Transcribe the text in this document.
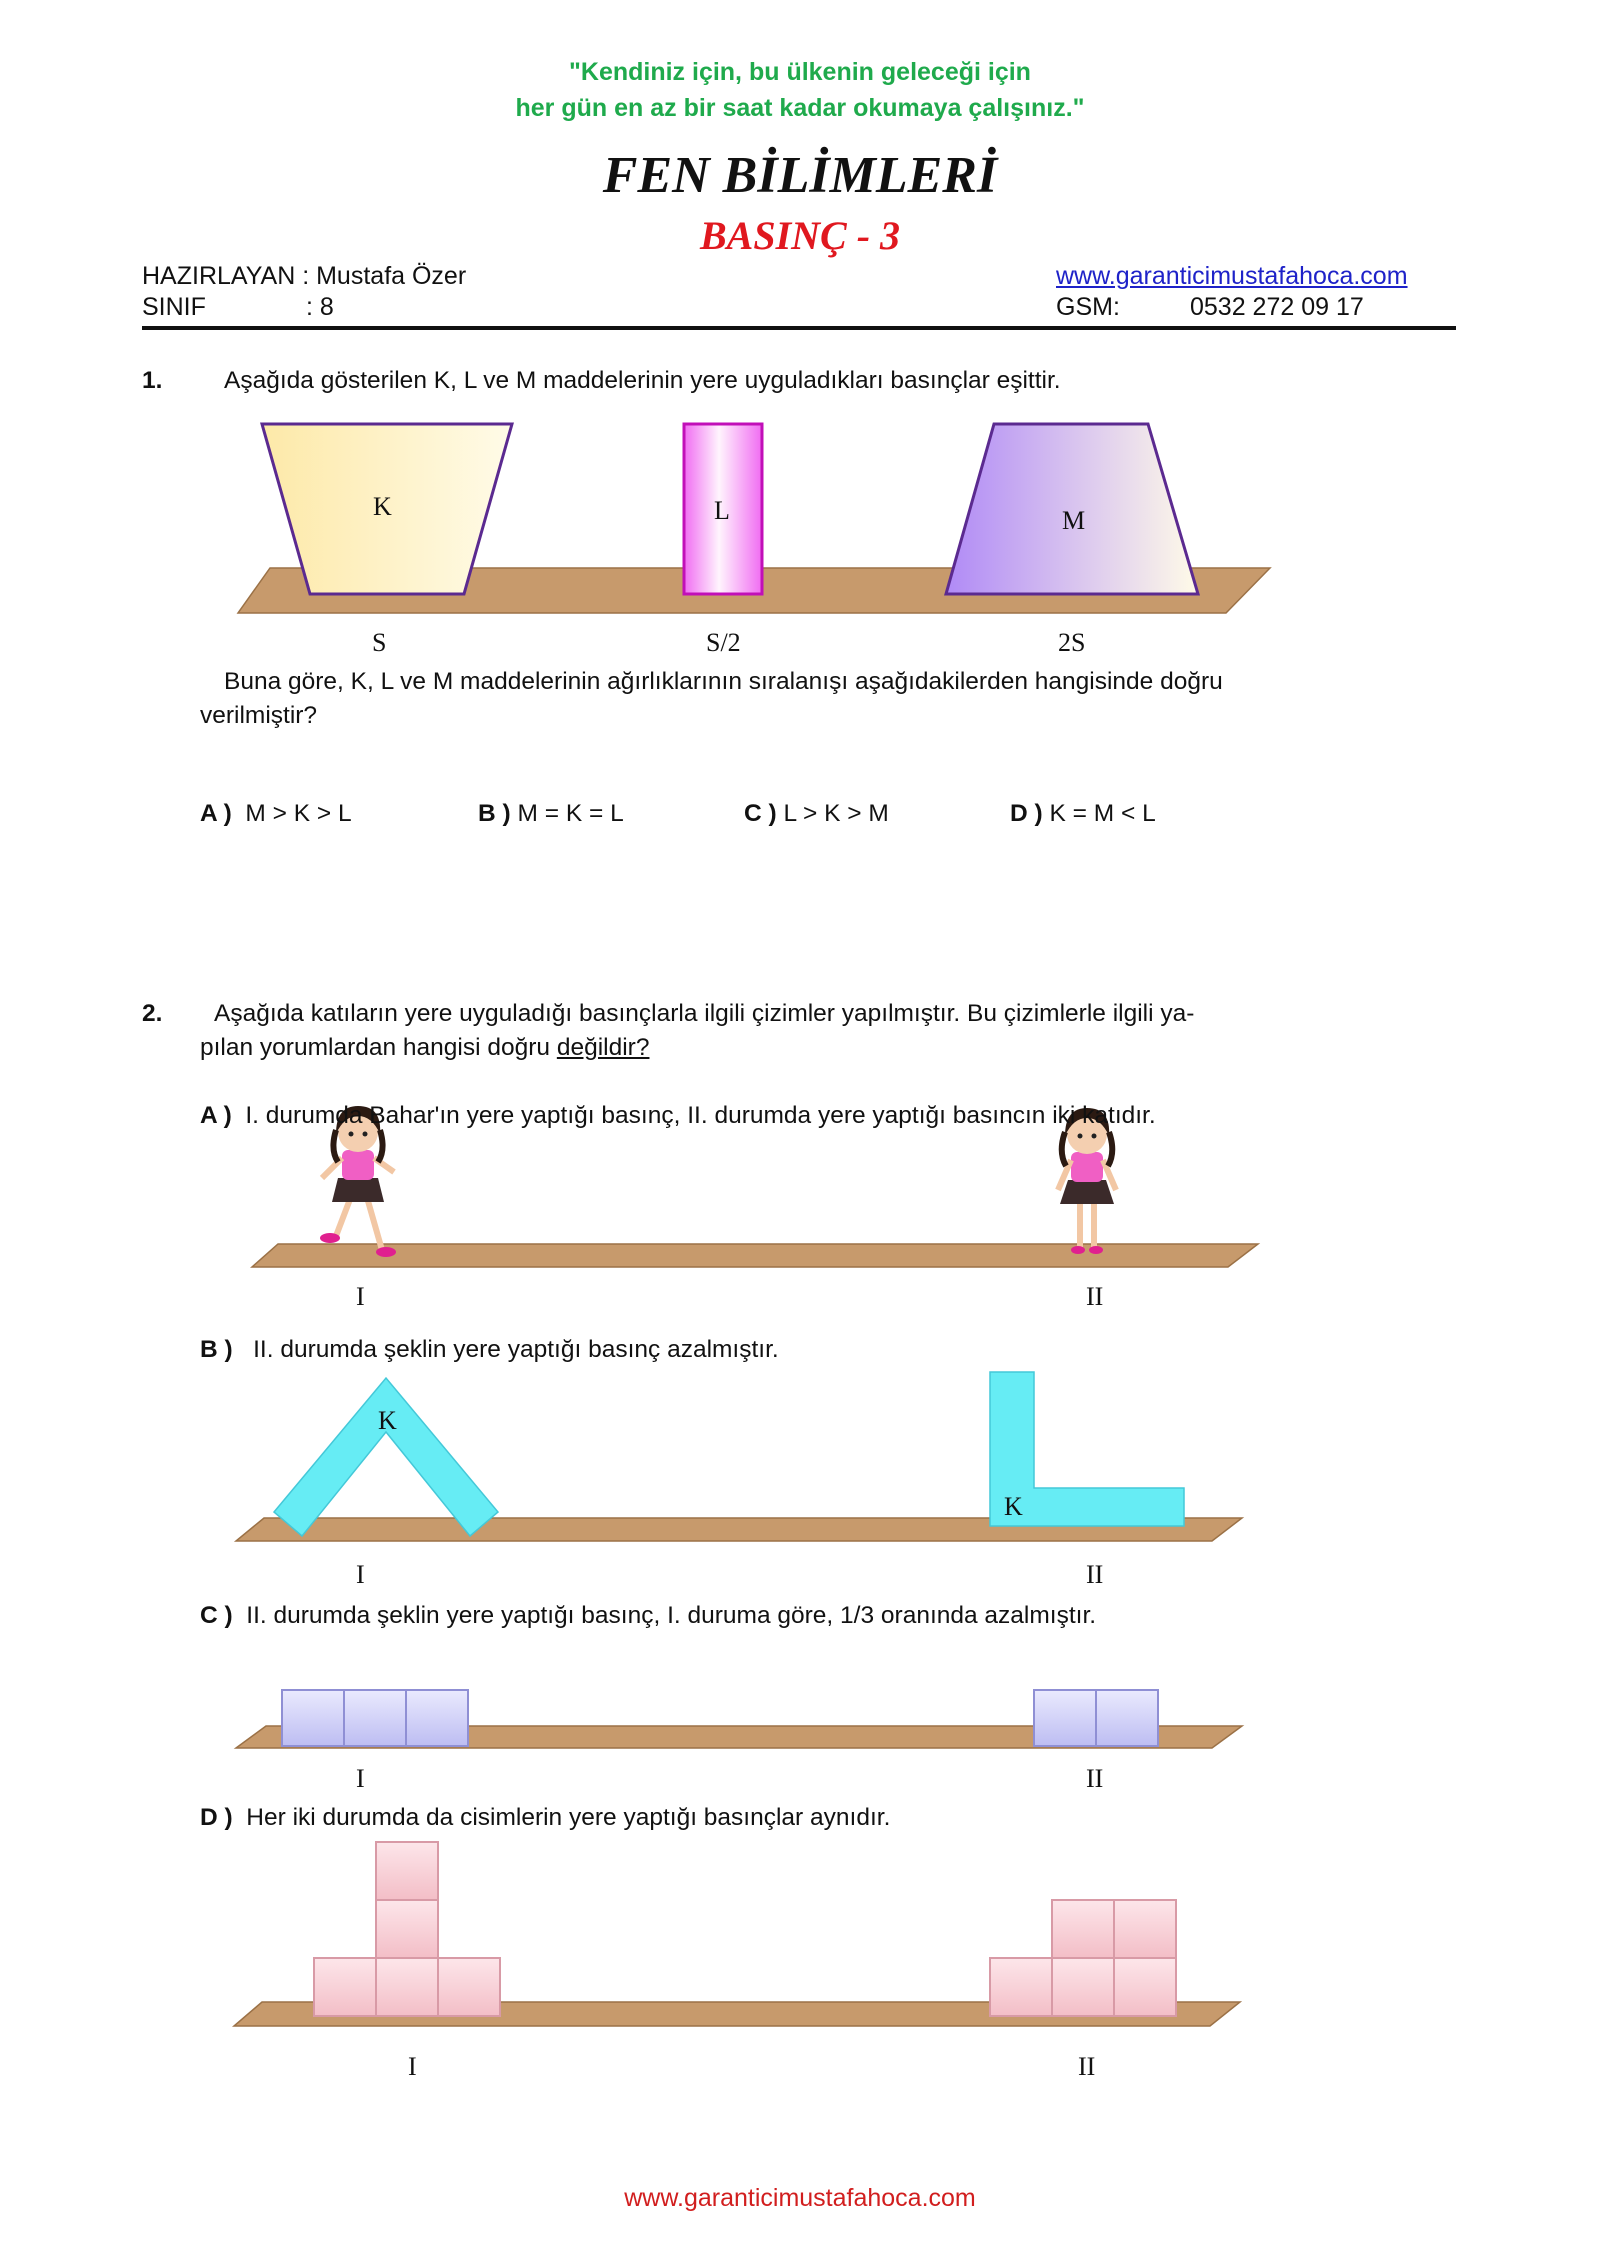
"Kendiniz için, bu ülkenin geleceği için
her gün en az bir saat kadar okumaya çalışınız."
FEN BİLİMLERİ
BASINÇ - 3
HAZIRLAYAN : Mustafa Özer
SINIF	: 8
www.garanticimustafahoca.com
GSM:	0532 272 09 17
1.	Aşağıda gösterilen K, L ve M maddelerinin yere uyguladıkları basınçlar eşittir.
K	L	M
S	S/2	2S
Buna göre, K, L ve M maddelerinin ağırlıklarının sıralanışı aşağıdakilerden hangisinde doğru
verilmiştir?
A ) M > K > L	B ) M = K = L	C ) L > K > M	D ) K = M < L
2. Aşağıda katıların yere uyguladığı basınçlarla ilgili çizimler yapılmıştır. Bu çizimlerle ilgili ya-
pılan yorumlardan hangisi doğru değildir?
A ) I. durumda Bahar'ın yere yaptığı basınç, II. durumda yere yaptığı basıncın iki katıdır.
I	II
B ) II. durumda şeklin yere yaptığı basınç azalmıştır.
K
K
I	II
C ) II. durumda şeklin yere yaptığı basınç, I. duruma göre, 1/3 oranında azalmıştır.
I	II
D ) Her iki durumda da cisimlerin yere yaptığı basınçlar aynıdır.
I	II
www.garanticimustafahoca.com
